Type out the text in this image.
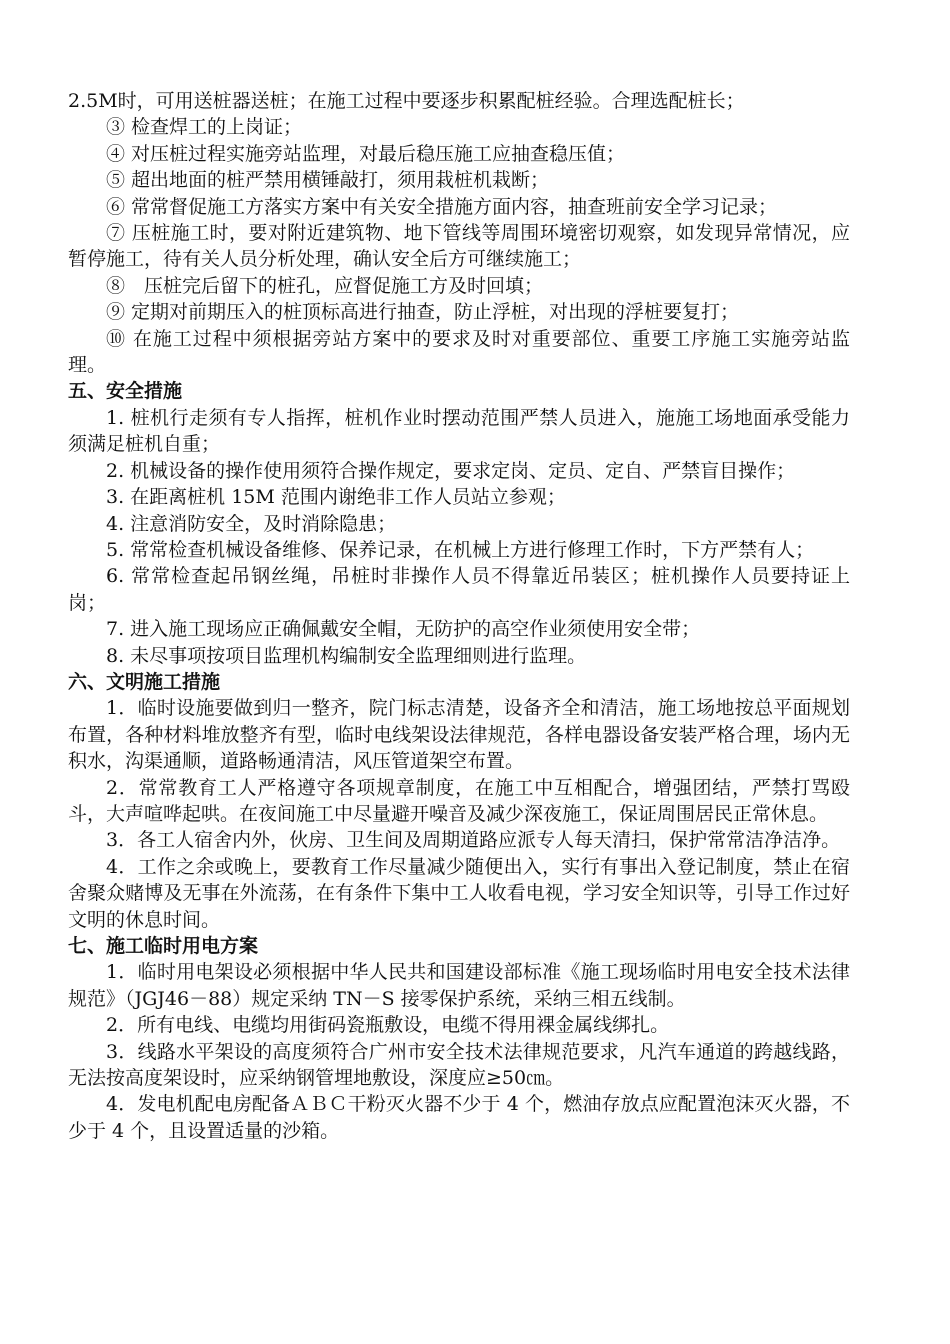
2.5M时，可用送桩器送桩；在施工过程中要逐步积累配桩经验。合理选配桩长；

③ 检查焊工的上岗证；

④ 对压桩过程实施旁站监理，对最后稳压施工应抽查稳压值；

⑤ 超出地面的桩严禁用横锤敲打，须用栽桩机栽断；

⑥ 常常督促施工方落实方案中有关安全措施方面内容，抽查班前安全学习记录；

⑦ 压桩施工时，要对附近建筑物、地下管线等周围环境密切观察，如发现异常情况，应暂停施工，待有关人员分析处理，确认安全后方可继续施工；

⑧　压桩完后留下的桩孔，应督促施工方及时回填；

⑨ 定期对前期压入的桩顶标高进行抽查，防止浮桩，对出现的浮桩要复打；

⑩ 在施工过程中须根据旁站方案中的要求及时对重要部位、重要工序施工实施旁站监理。

五、安全措施

1. 桩机行走须有专人指挥，桩机作业时摆动范围严禁人员进入，施施工场地面承受能力须满足桩机自重；

2. 机械设备的操作使用须符合操作规定，要求定岗、定员、定自、严禁盲目操作；

3. 在距离桩机 15M 范围内谢绝非工作人员站立参观；

4. 注意消防安全，及时消除隐患；

5. 常常检查机械设备维修、保养记录，在机械上方进行修理工作时，下方严禁有人；

6. 常常检查起吊钢丝绳，吊桩时非操作人员不得靠近吊装区；桩机操作人员要持证上岗；

7. 进入施工现场应正确佩戴安全帽，无防护的高空作业须使用安全带；

8. 未尽事项按项目监理机构编制安全监理细则进行监理。

六、文明施工措施

1．临时设施要做到归一整齐，院门标志清楚，设备齐全和清洁，施工场地按总平面规划布置，各种材料堆放整齐有型，临时电线架设法律规范，各样电器设备安装严格合理，场内无积水，沟渠通顺，道路畅通清洁，风压管道架空布置。

2．常常教育工人严格遵守各项规章制度，在施工中互相配合，增强团结，严禁打骂殴斗，大声喧哗起哄。在夜间施工中尽量避开噪音及减少深夜施工，保证周围居民正常休息。

3．各工人宿舍内外，伙房、卫生间及周期道路应派专人每天清扫，保护常常洁净洁净。

4．工作之余或晚上，要教育工作尽量减少随便出入，实行有事出入登记制度，禁止在宿舍聚众赌博及无事在外流荡，在有条件下集中工人收看电视，学习安全知识等，引导工作过好文明的休息时间。

七、施工临时用电方案

1．临时用电架设必须根据中华人民共和国建设部标准《施工现场临时用电安全技术法律规范》（JGJ46－88）规定采纳 TN－S 接零保护系统，采纳三相五线制。

2．所有电线、电缆均用街码瓷瓶敷设，电缆不得用裸金属线绑扎。

3．线路水平架设的高度须符合广州市安全技术法律规范要求，凡汽车通道的跨越线路，无法按高度架设时，应采纳钢管埋地敷设，深度应≥50㎝。

4．发电机配电房配备ＡＢＣ干粉灭火器不少于 4 个，燃油存放点应配置泡沫灭火器，不少于 4 个，且设置适量的沙箱。
